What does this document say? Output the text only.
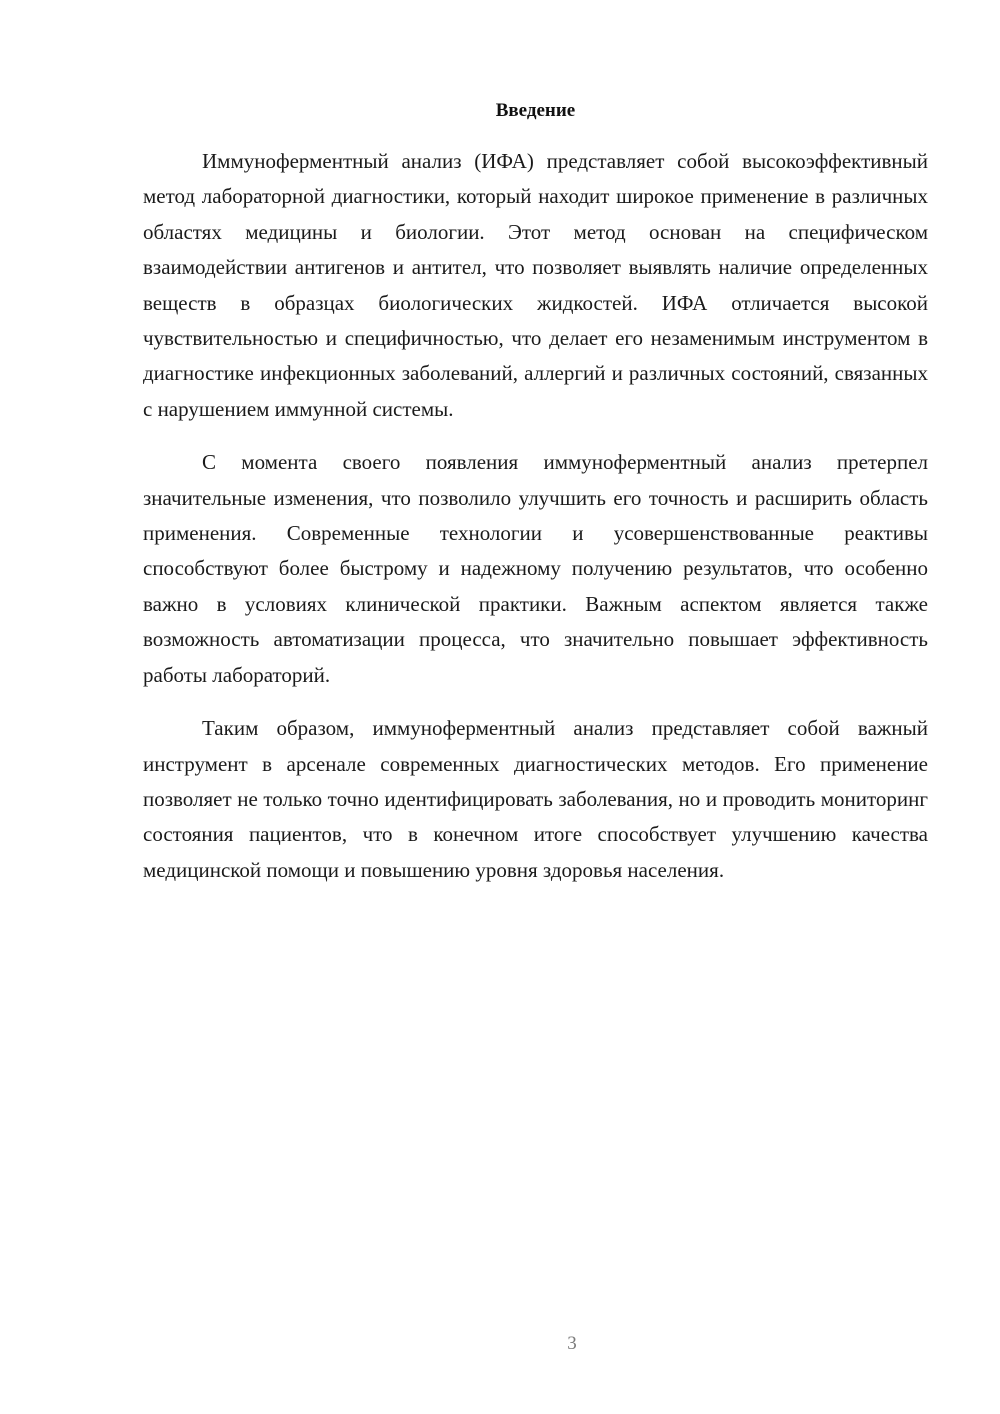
Введение

Иммуноферментный анализ (ИФА) представляет собой высокоэффективный метод лабораторной диагностики, который находит широкое применение в различных областях медицины и биологии. Этот метод основан на специфическом взаимодействии антигенов и антител, что позволяет выявлять наличие определенных веществ в образцах биологических жидкостей. ИФА отличается высокой чувствительностью и специфичностью, что делает его незаменимым инструментом в диагностике инфекционных заболеваний, аллергий и различных состояний, связанных с нарушением иммунной системы.

С момента своего появления иммуноферментный анализ претерпел значительные изменения, что позволило улучшить его точность и расширить область применения. Современные технологии и усовершенствованные реактивы способствуют более быстрому и надежному получению результатов, что особенно важно в условиях клинической практики. Важным аспектом является также возможность автоматизации процесса, что значительно повышает эффективность работы лабораторий.

Таким образом, иммуноферментный анализ представляет собой важный инструмент в арсенале современных диагностических методов. Его применение позволяет не только точно идентифицировать заболевания, но и проводить мониторинг состояния пациентов, что в конечном итоге способствует улучшению качества медицинской помощи и повышению уровня здоровья населения.

3
